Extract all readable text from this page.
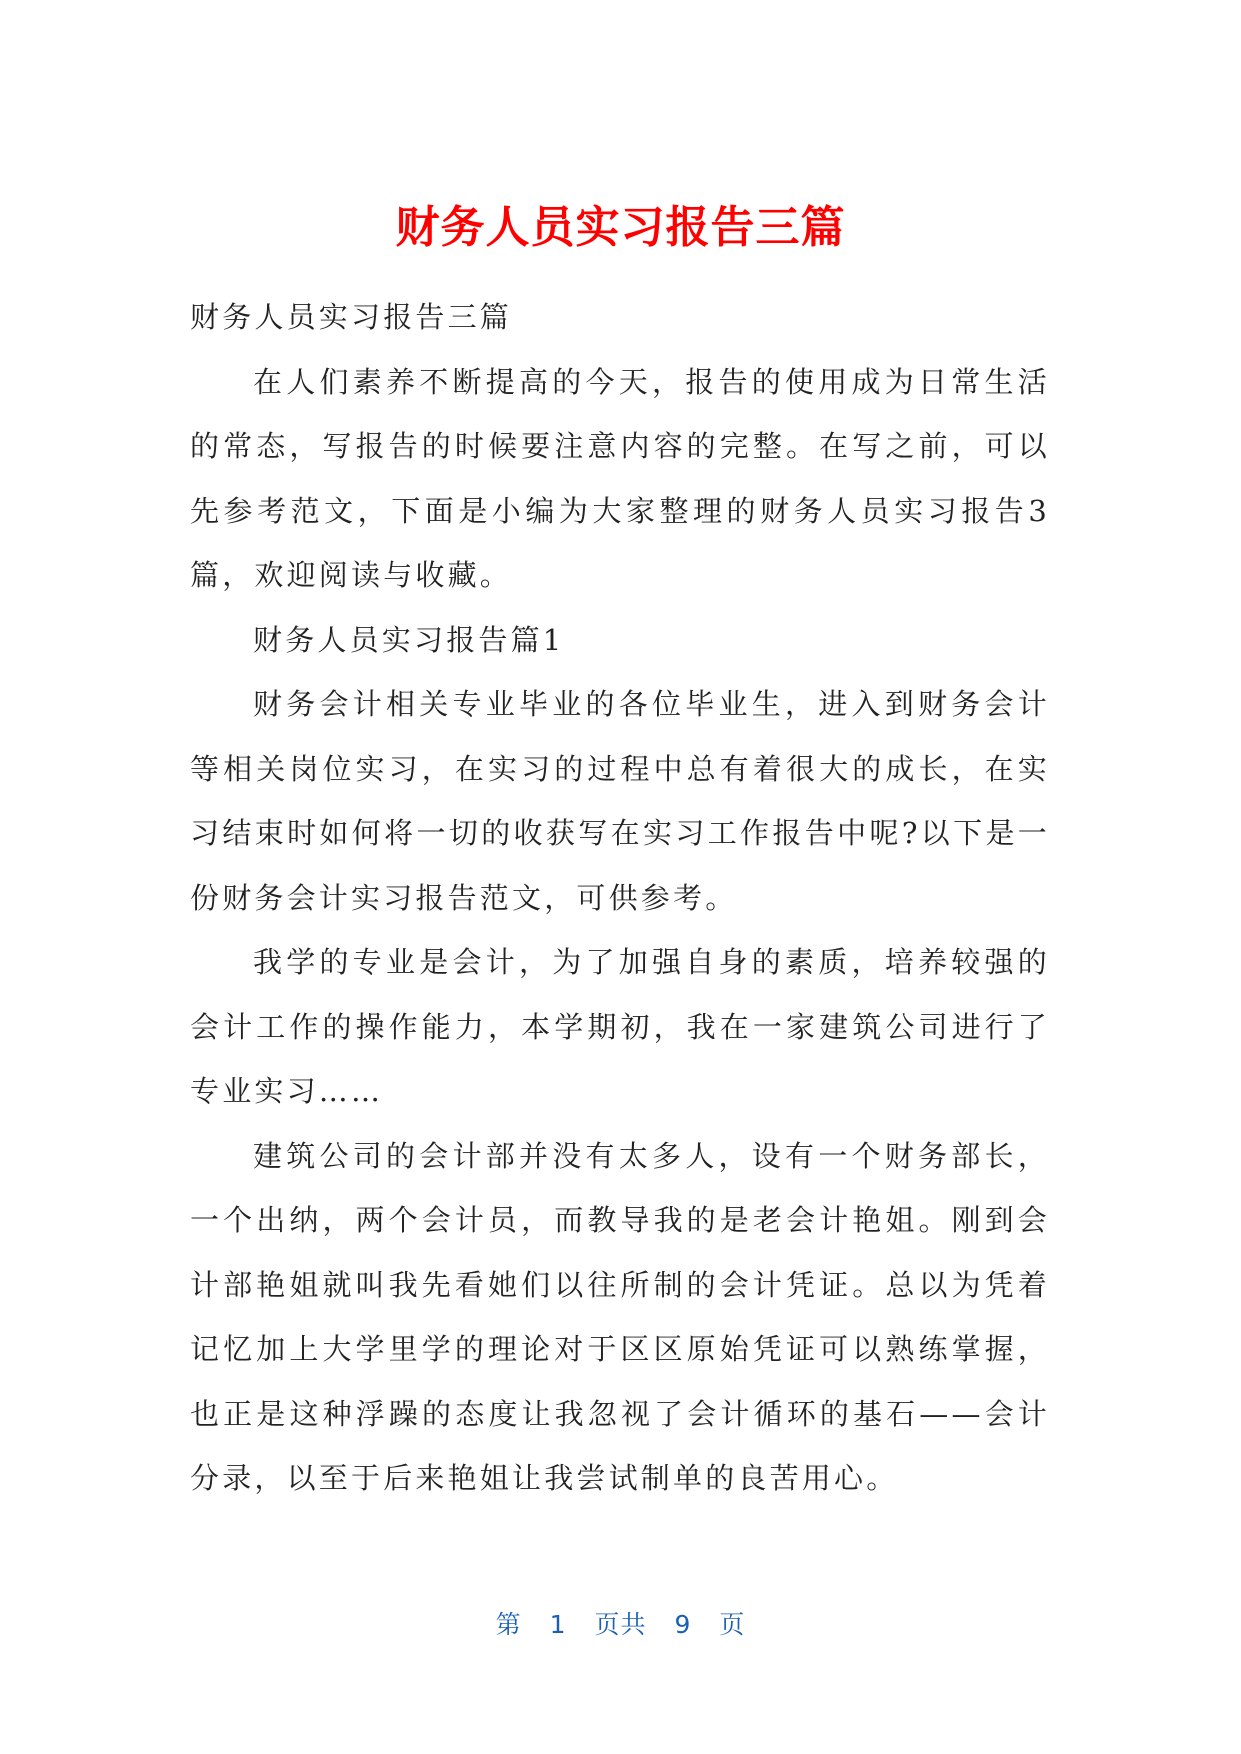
财务人员实习报告三篇

财务人员实习报告三篇

在人们素养不断提高的今天，报告的使用成为日常生活的常态，写报告的时候要注意内容的完整。在写之前，可以先参考范文，下面是小编为大家整理的财务人员实习报告3篇，欢迎阅读与收藏。

财务人员实习报告篇1

财务会计相关专业毕业的各位毕业生，进入到财务会计等相关岗位实习，在实习的过程中总有着很大的成长，在实习结束时如何将一切的收获写在实习工作报告中呢?以下是一份财务会计实习报告范文，可供参考。

我学的专业是会计，为了加强自身的素质，培养较强的会计工作的操作能力，本学期初，我在一家建筑公司进行了专业实习……

建筑公司的会计部并没有太多人，设有一个财务部长，一个出纳，两个会计员，而教导我的是老会计艳姐。刚到会计部艳姐就叫我先看她们以往所制的会计凭证。总以为凭着记忆加上大学里学的理论对于区区原始凭证可以熟练掌握，也正是这种浮躁的态度让我忽视了会计循环的基石——会计分录，以至于后来艳姐让我尝试制单的良苦用心。

第 1 页共 9 页
